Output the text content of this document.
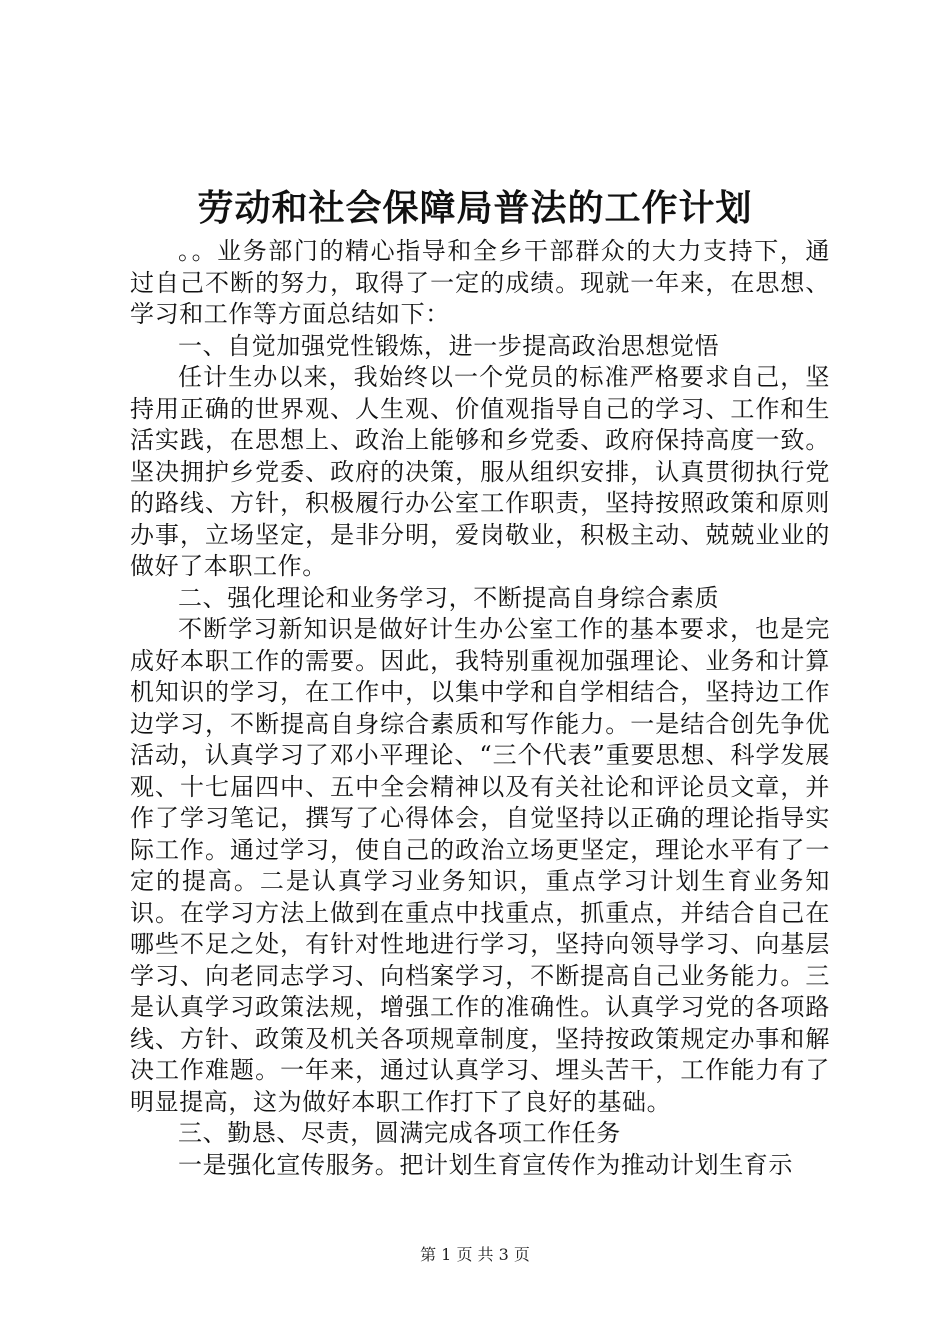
劳动和社会保障局普法的工作计划

。。业务部门的精心指导和全乡干部群众的大力支持下，通过自己不断的努力，取得了一定的成绩。现就一年来，在思想、学习和工作等方面总结如下：

一、自觉加强党性锻炼，进一步提高政治思想觉悟

任计生办以来，我始终以一个党员的标准严格要求自己，坚持用正确的世界观、人生观、价值观指导自己的学习、工作和生活实践，在思想上、政治上能够和乡党委、政府保持高度一致。坚决拥护乡党委、政府的决策，服从组织安排，认真贯彻执行党的路线、方针，积极履行办公室工作职责，坚持按照政策和原则办事，立场坚定，是非分明，爱岗敬业，积极主动、兢兢业业的做好了本职工作。

二、强化理论和业务学习，不断提高自身综合素质

不断学习新知识是做好计生办公室工作的基本要求，也是完成好本职工作的需要。因此，我特别重视加强理论、业务和计算机知识的学习，在工作中，以集中学和自学相结合，坚持边工作边学习，不断提高自身综合素质和写作能力。一是结合创先争优活动，认真学习了邓小平理论、“三个代表”重要思想、科学发展观、十七届四中、五中全会精神以及有关社论和评论员文章，并作了学习笔记，撰写了心得体会，自觉坚持以正确的理论指导实际工作。通过学习，使自己的政治立场更坚定，理论水平有了一定的提高。二是认真学习业务知识，重点学习计划生育业务知识。在学习方法上做到在重点中找重点，抓重点，并结合自己在哪些不足之处，有针对性地进行学习，坚持向领导学习、向基层学习、向老同志学习、向档案学习，不断提高自己业务能力。三是认真学习政策法规，增强工作的准确性。认真学习党的各项路线、方针、政策及机关各项规章制度，坚持按政策规定办事和解决工作难题。一年来，通过认真学习、埋头苦干，工作能力有了明显提高，这为做好本职工作打下了良好的基础。

三、勤恳、尽责，圆满完成各项工作任务

一是强化宣传服务。把计划生育宣传作为推动计划生育示

第 1 页 共 3 页
